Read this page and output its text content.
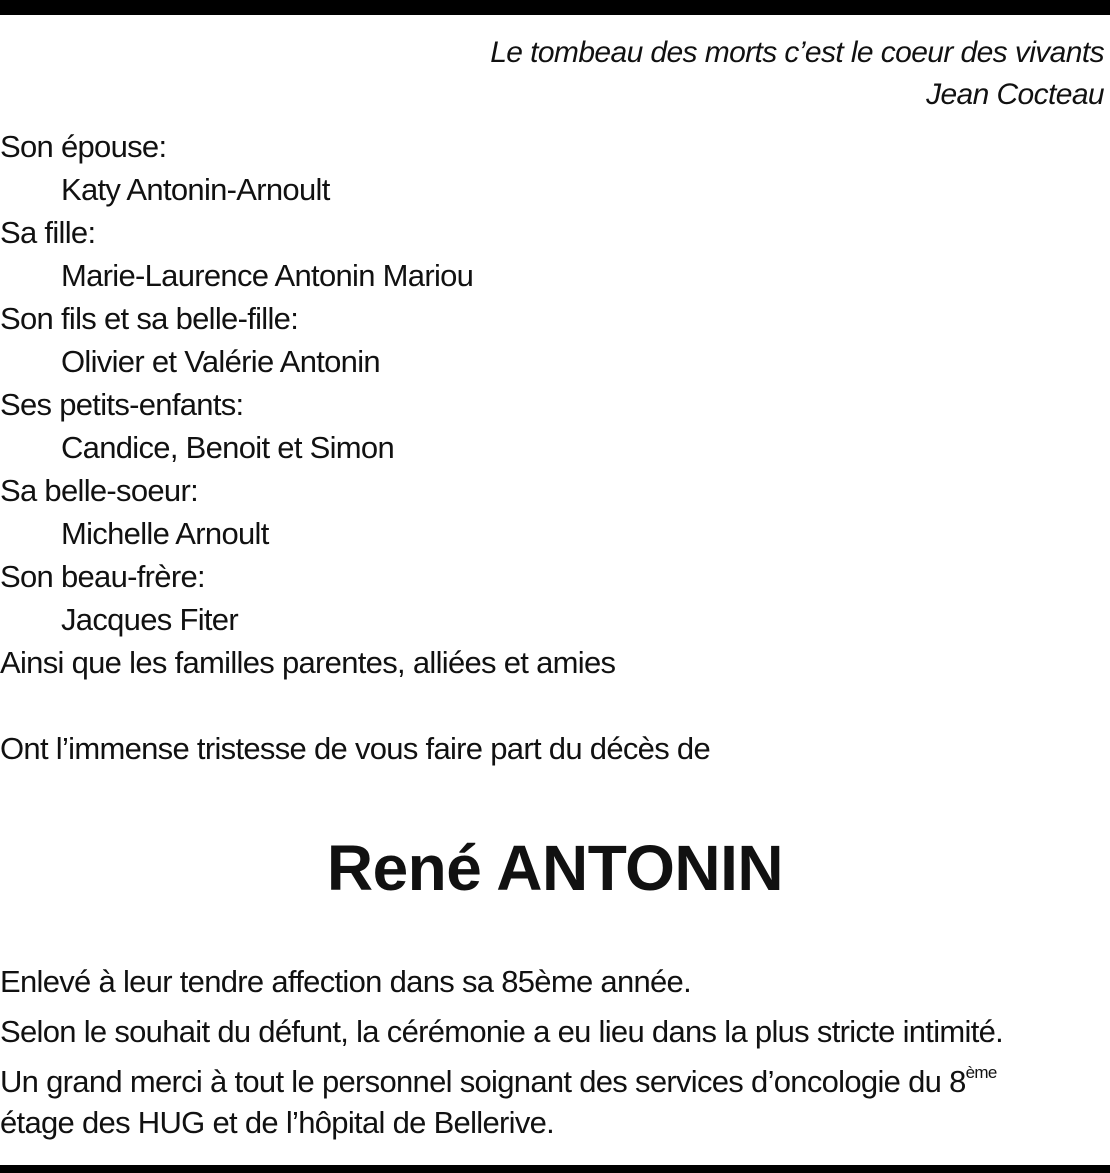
Le tombeau des morts c’est le coeur des vivants
Jean Cocteau
Son épouse:
Katy Antonin-Arnoult
Sa fille:
Marie-Laurence Antonin Mariou
Son fils et sa belle-fille:
Olivier et Valérie Antonin
Ses petits-enfants:
Candice, Benoit et Simon
Sa belle-soeur:
Michelle Arnoult
Son beau-frère:
Jacques Fiter
Ainsi que les familles parentes, alliées et amies
Ont l’immense tristesse de vous faire part du décès de
René ANTONIN
Enlevé à leur tendre affection dans sa 85ème année.
Selon le souhait du défunt, la cérémonie a eu lieu dans la plus stricte intimité.
Un grand merci à tout le personnel soignant des services d’oncologie du 8ème
étage des HUG et de l’hôpital de Bellerive.
